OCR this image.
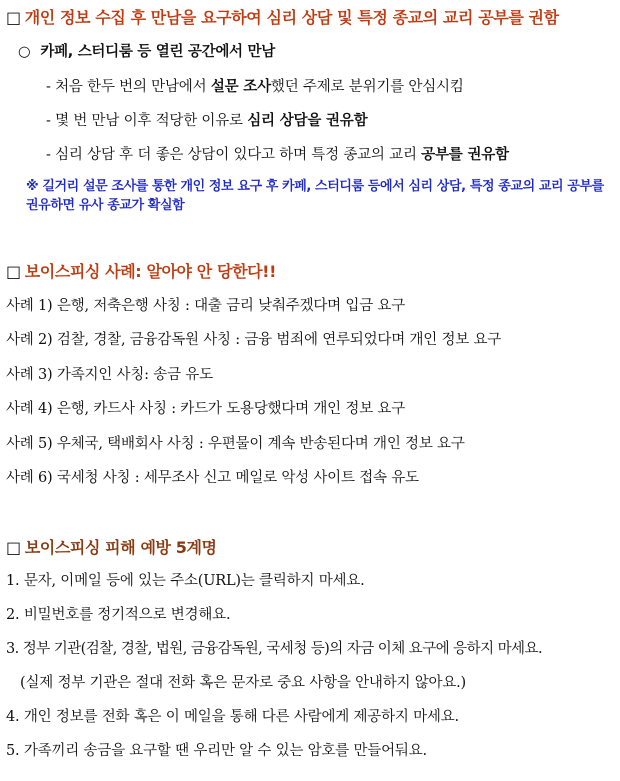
□ 개인 정보 수집 후 만남을 요구하여 심리 상담 및 특정 종교의 교리 공부를 권함
○ 카페, 스터디룸 등 열린 공간에서 만남
- 처음 한두 번의 만남에서 설문 조사했던 주제로 분위기를 안심시킴
- 몇 번 만남 이후 적당한 이유로 심리 상담을 권유함
- 심리 상담 후 더 좋은 상담이 있다고 하며 특정 종교의 교리 공부를 권유함
※ 길거리 설문 조사를 통한 개인 정보 요구 후 카페, 스터디룸 등에서 심리 상담, 특정 종교의 교리 공부를 권유하면 유사 종교가 확실함
□ 보이스피싱 사례: 알아야 안 당한다!!
사례 1) 은행, 저축은행 사칭 : 대출 금리 낮춰주겠다며 입금 요구
사례 2) 검찰, 경찰, 금융감독원 사칭 : 금융 범죄에 연루되었다며 개인 정보 요구
사례 3) 가족지인 사칭: 송금 유도
사례 4) 은행, 카드사 사칭 : 카드가 도용당했다며 개인 정보 요구
사례 5) 우체국, 택배회사 사칭 : 우편물이 계속 반송된다며 개인 정보 요구
사례 6) 국세청 사칭 : 세무조사 신고 메일로 악성 사이트 접속 유도
□ 보이스피싱 피해 예방 5계명
1. 문자, 이메일 등에 있는 주소(URL)는 클릭하지 마세요.
2. 비밀번호를 정기적으로 변경해요.
3. 정부 기관(검찰, 경찰, 법원, 금융감독원, 국세청 등)의 자금 이체 요구에 응하지 마세요.
(실제 정부 기관은 절대 전화 혹은 문자로 중요 사항을 안내하지 않아요.)
4. 개인 정보를 전화 혹은 이 메일을 통해 다른 사람에게 제공하지 마세요.
5. 가족끼리 송금을 요구할 땐 우리만 알 수 있는 암호를 만들어둬요.
